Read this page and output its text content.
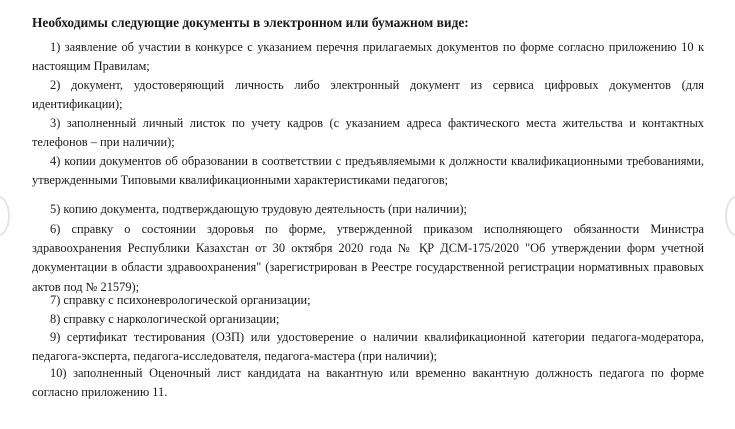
Необходимы следующие документы в электронном или бумажном виде:

1) заявление об участии в конкурсе с указанием перечня прилагаемых документов по форме согласно приложению 10 к настоящим Правилам;

2) документ, удостоверяющий личность либо электронный документ из сервиса цифровых документов (для идентификации);

3) заполненный личный листок по учету кадров (с указанием адреса фактического места жительства и контактных телефонов – при наличии);

4) копии документов об образовании в соответствии с предъявляемыми к должности квалификационными требованиями, утвержденными Типовыми квалификационными характеристиками педагогов;

5) копию документа, подтверждающую трудовую деятельность (при наличии);

6) справку о состоянии здоровья по форме, утвержденной приказом исполняющего обязанности Министра здравоохранения Республики Казахстан от 30 октября 2020 года № ҚР ДСМ-175/2020 "Об утверждении форм учетной документации в области здравоохранения" (зарегистрирован в Реестре государственной регистрации нормативных правовых актов под № 21579);

7) справку с психоневрологической организации;

8) справку с наркологической организации;

9) сертификат тестирования (ОЗП) или удостоверение о наличии квалификационной категории педагога-модератора, педагога-эксперта, педагога-исследователя, педагога-мастера (при наличии);

10) заполненный Оценочный лист кандидата на вакантную или временно вакантную должность педагога по форме согласно приложению 11.
